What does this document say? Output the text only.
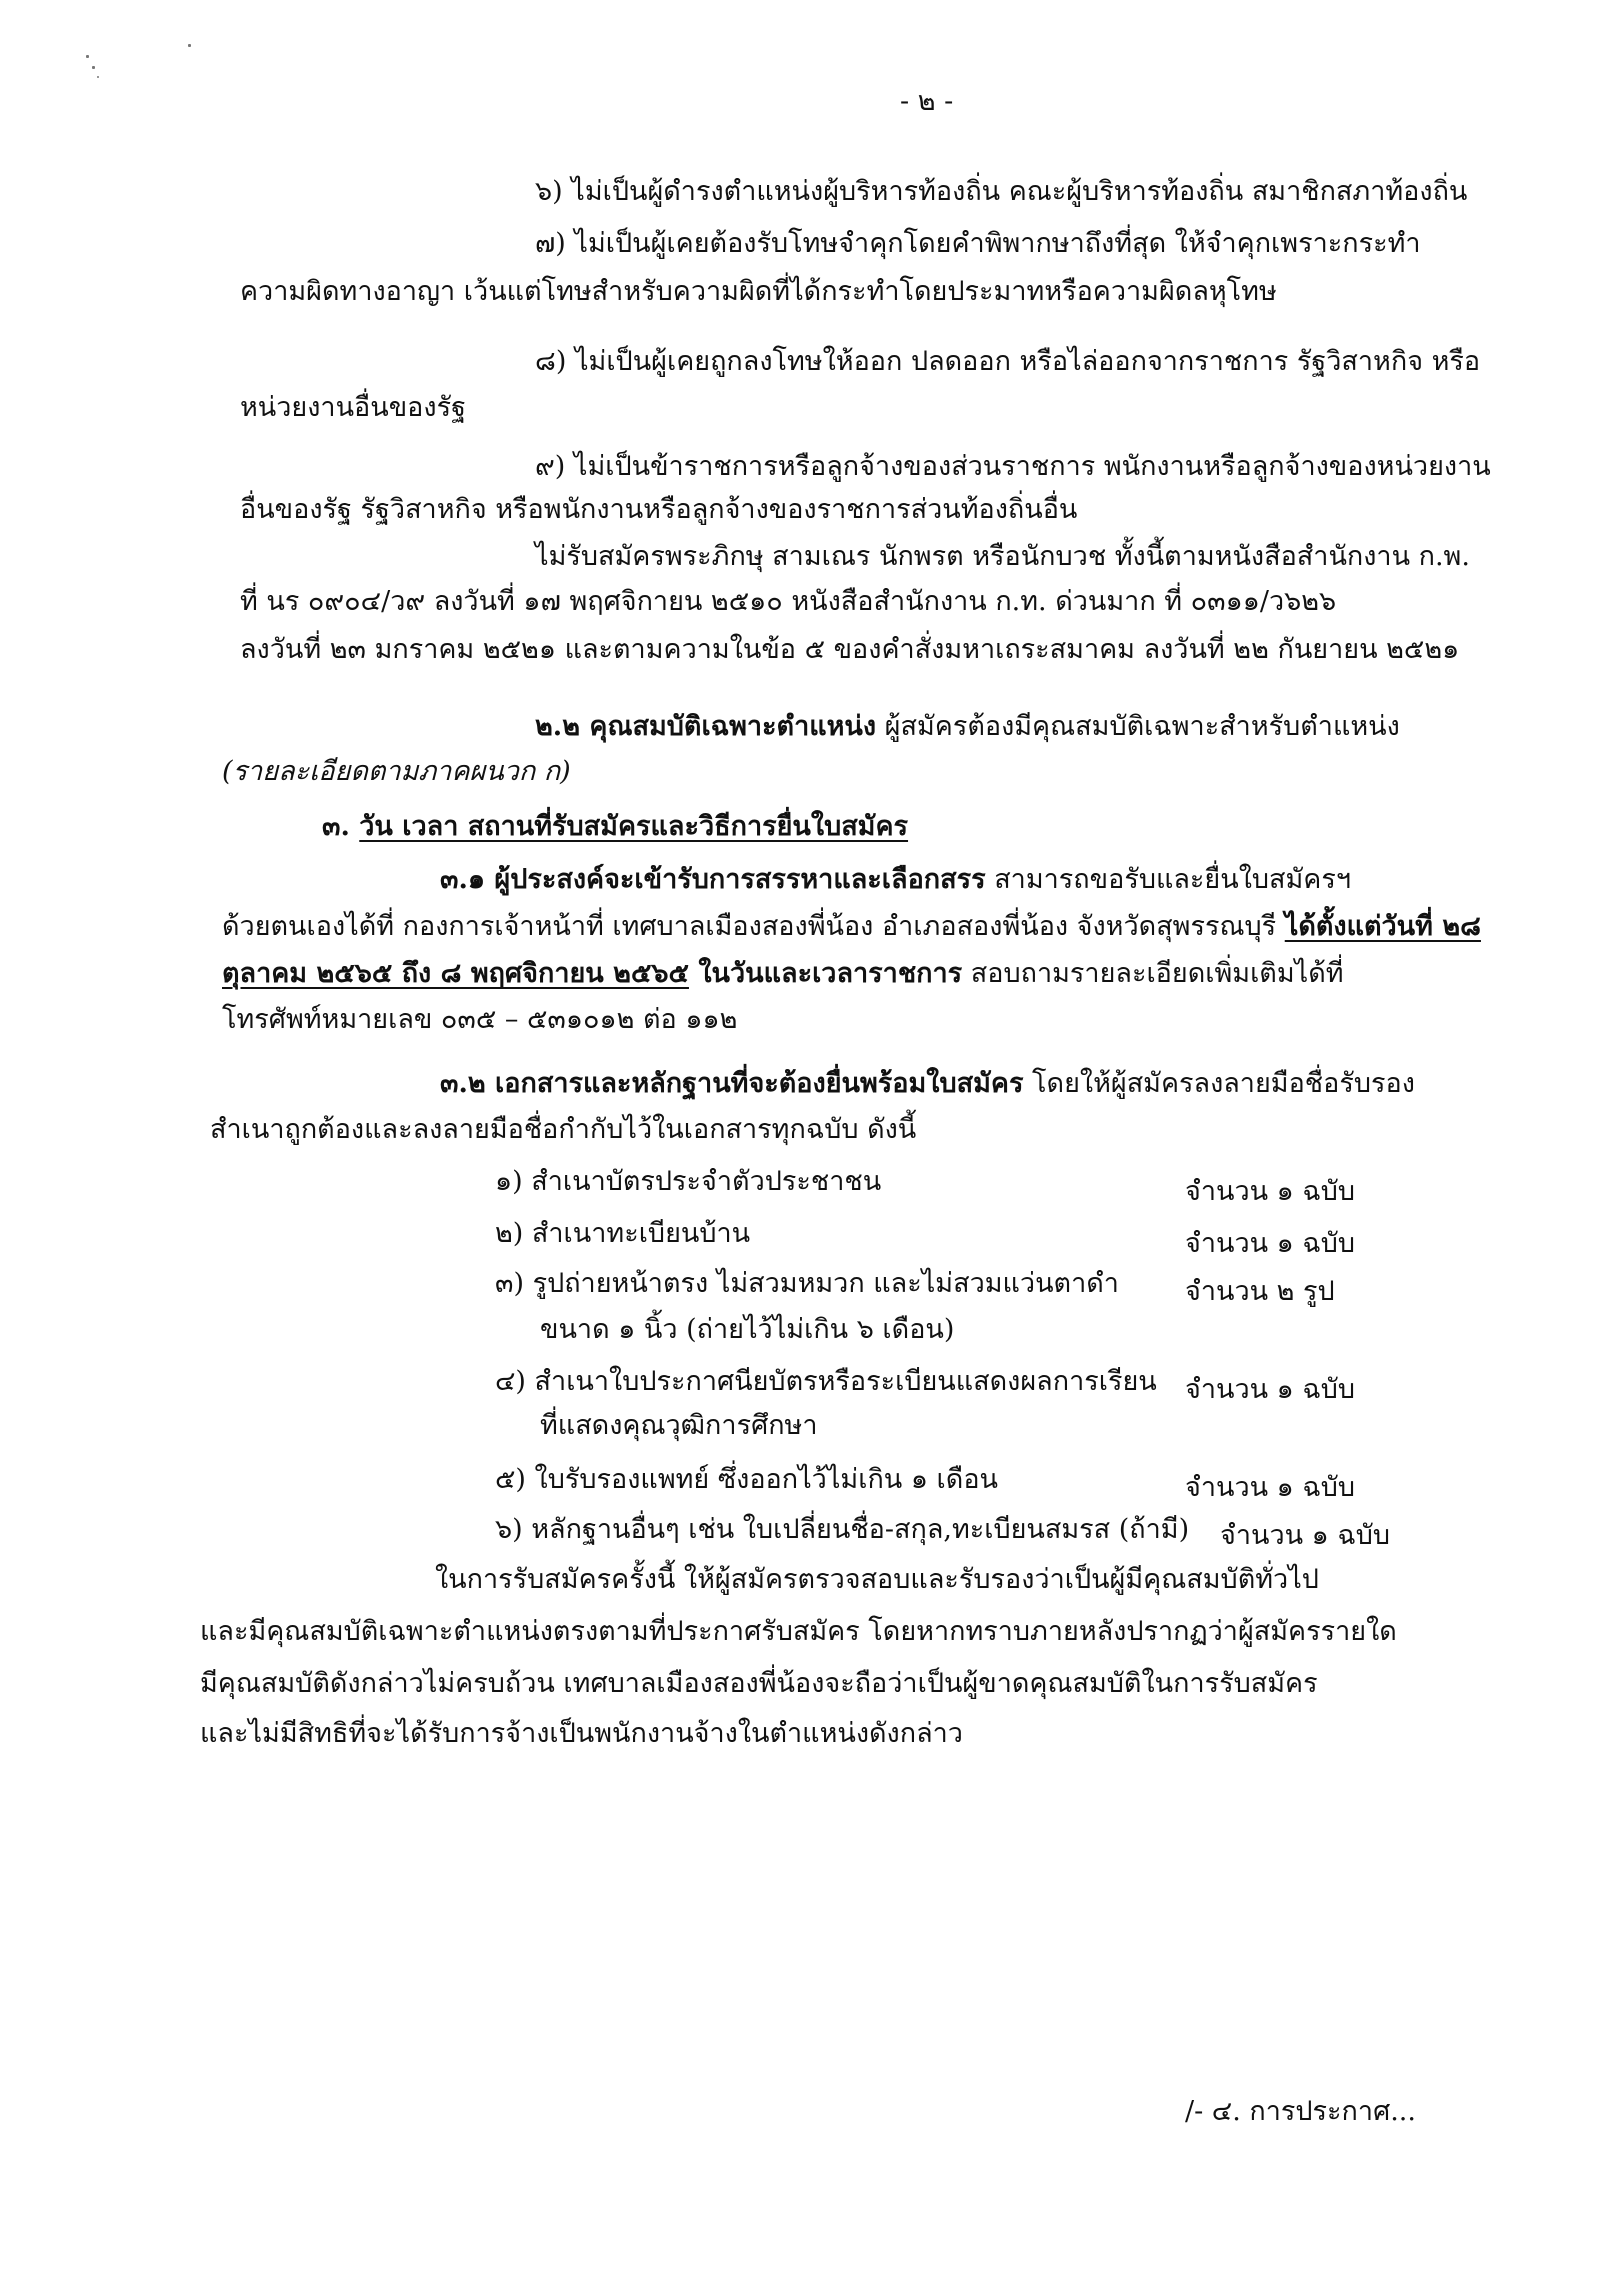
- ๒ -
๖) ไม่เป็นผู้ดำรงตำแหน่งผู้บริหารท้องถิ่น คณะผู้บริหารท้องถิ่น สมาชิกสภาท้องถิ่น
๗) ไม่เป็นผู้เคยต้องรับโทษจำคุกโดยคำพิพากษาถึงที่สุด ให้จำคุกเพราะกระทำ
ความผิดทางอาญา เว้นแต่โทษสำหรับความผิดที่ได้กระทำโดยประมาทหรือความผิดลหุโทษ
๘) ไม่เป็นผู้เคยถูกลงโทษให้ออก ปลดออก หรือไล่ออกจากราชการ รัฐวิสาหกิจ หรือ
หน่วยงานอื่นของรัฐ
๙) ไม่เป็นข้าราชการหรือลูกจ้างของส่วนราชการ พนักงานหรือลูกจ้างของหน่วยงาน
อื่นของรัฐ รัฐวิสาหกิจ หรือพนักงานหรือลูกจ้างของราชการส่วนท้องถิ่นอื่น
ไม่รับสมัครพระภิกษุ สามเณร นักพรต หรือนักบวช ทั้งนี้ตามหนังสือสำนักงาน ก.พ.
ที่ นร ๐๙๐๔/ว๙ ลงวันที่ ๑๗ พฤศจิกายน ๒๕๑๐ หนังสือสำนักงาน ก.ท. ด่วนมาก ที่ ๐๓๑๑/ว๖๒๖
ลงวันที่ ๒๓ มกราคม ๒๕๒๑ และตามความในข้อ ๕ ของคำสั่งมหาเถระสมาคม ลงวันที่ ๒๒ กันยายน ๒๕๒๑
๒.๒ คุณสมบัติเฉพาะตำแหน่ง ผู้สมัครต้องมีคุณสมบัติเฉพาะสำหรับตำแหน่ง
(รายละเอียดตามภาคผนวก ก)
๓. วัน เวลา สถานที่รับสมัครและวิธีการยื่นใบสมัคร
๓.๑ ผู้ประสงค์จะเข้ารับการสรรหาและเลือกสรร สามารถขอรับและยื่นใบสมัครฯ
ด้วยตนเองได้ที่ กองการเจ้าหน้าที่ เทศบาลเมืองสองพี่น้อง อำเภอสองพี่น้อง จังหวัดสุพรรณบุรี ได้ตั้งแต่วันที่ ๒๘
ตุลาคม ๒๕๖๕ ถึง ๘ พฤศจิกายน ๒๕๖๕ ในวันและเวลาราชการ สอบถามรายละเอียดเพิ่มเติมได้ที่
โทรศัพท์หมายเลข ๐๓๕ – ๕๓๑๐๑๒ ต่อ ๑๑๒
๓.๒ เอกสารและหลักฐานที่จะต้องยื่นพร้อมใบสมัคร โดยให้ผู้สมัครลงลายมือชื่อรับรอง
สำเนาถูกต้องและลงลายมือชื่อกำกับไว้ในเอกสารทุกฉบับ ดังนี้
๑) สำเนาบัตรประจำตัวประชาชน	จำนวน ๑ ฉบับ
๒) สำเนาทะเบียนบ้าน	จำนวน ๑ ฉบับ
๓) รูปถ่ายหน้าตรง ไม่สวมหมวก และไม่สวมแว่นตาดำ
ขนาด ๑ นิ้ว (ถ่ายไว้ไม่เกิน ๖ เดือน)
จำนวน ๒ รูป
๔) สำเนาใบประกาศนียบัตรหรือระเบียนแสดงผลการเรียน
ที่แสดงคุณวุฒิการศึกษา
จำนวน ๑ ฉบับ
๕) ใบรับรองแพทย์ ซึ่งออกไว้ไม่เกิน ๑ เดือน	จำนวน ๑ ฉบับ
๖) หลักฐานอื่นๆ เช่น ใบเปลี่ยนชื่อ-สกุล,ทะเบียนสมรส (ถ้ามี) จำนวน ๑ ฉบับ
ในการรับสมัครครั้งนี้ ให้ผู้สมัครตรวจสอบและรับรองว่าเป็นผู้มีคุณสมบัติทั่วไป
และมีคุณสมบัติเฉพาะตำแหน่งตรงตามที่ประกาศรับสมัคร โดยหากทราบภายหลังปรากฏว่าผู้สมัครรายใด
มีคุณสมบัติดังกล่าวไม่ครบถ้วน เทศบาลเมืองสองพี่น้องจะถือว่าเป็นผู้ขาดคุณสมบัติในการรับสมัคร
และไม่มีสิทธิที่จะได้รับการจ้างเป็นพนักงานจ้างในตำแหน่งดังกล่าว
/- ๔. การประกาศ...
